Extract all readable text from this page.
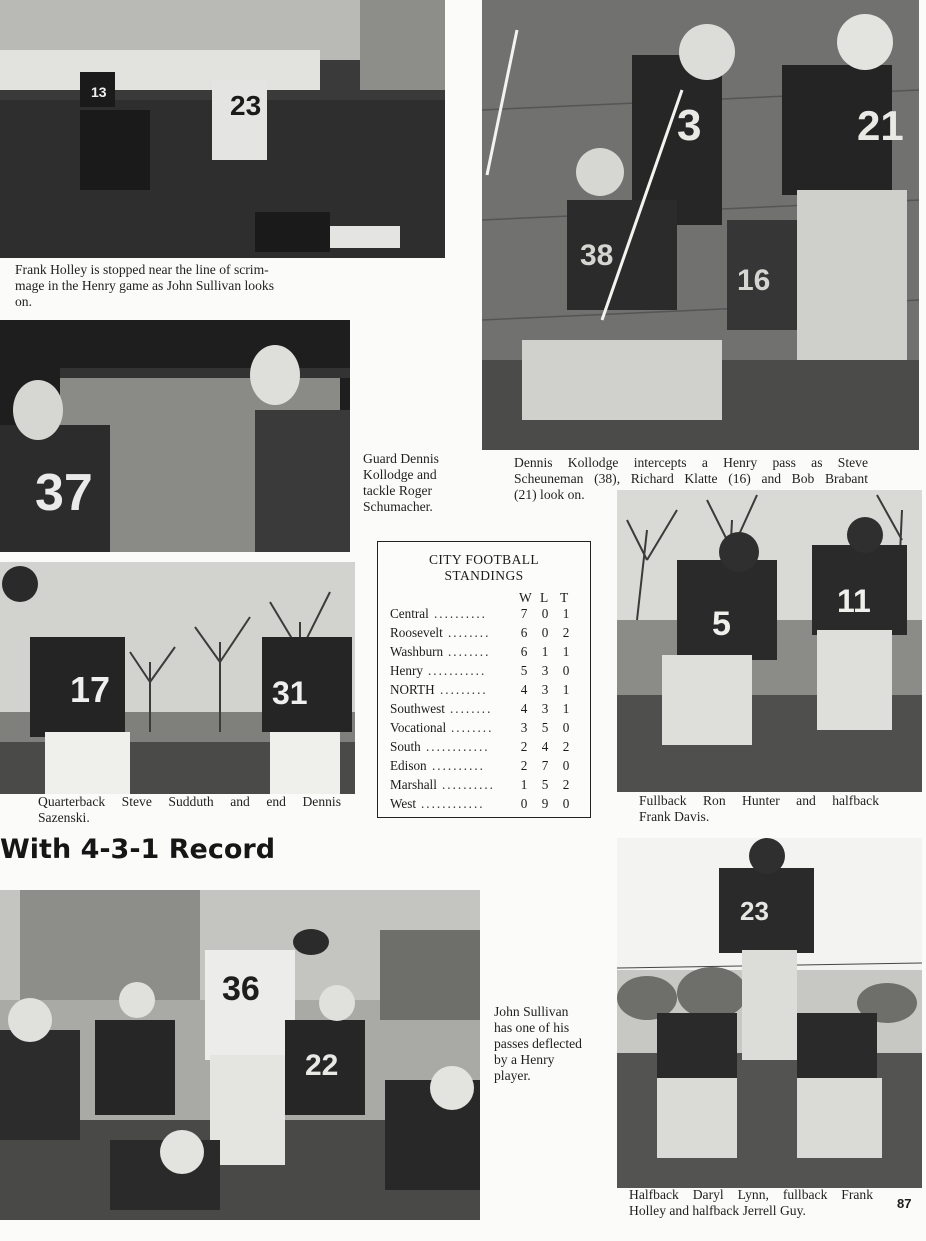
23
13
Frank Holley is stopped near the line of scrim-
mage in the Henry game as John Sullivan looks
on.
37
Guard Dennis
Kollodge and
tackle Roger
Schumacher.
17	31
Quarterback Steve Sudduth and end Dennis
Sazenski.
3	21
38
16
Dennis Kollodge intercepts a Henry pass as Steve
Scheuneman (38), Richard Klatte (16) and Bob Brabant
(21) look on.
CITY FOOTBALL
STANDINGS
W L T
Central ..........	7 0 1
Roosevelt ........ 6 0 2
Washburn ........ 6 1 1
Henry ...........	5 3 0
NORTH .........	4 3 1
Southwest ........ 4 3 1
Vocational ........ 3 5 0
South ............ 2 4 2
Edison ..........	2 7 0
Marshall .......... 1 5 2
West ............	0 9 0
5
11
Fullback Ron Hunter and halfback
Frank Davis.
With 4-3-1 Record
36
22
John Sullivan
has one of his
passes deflected
by a Henry
player.
23
Halfback Daryl Lynn, fullback Frank
Holley and halfback Jerrell Guy.	87
